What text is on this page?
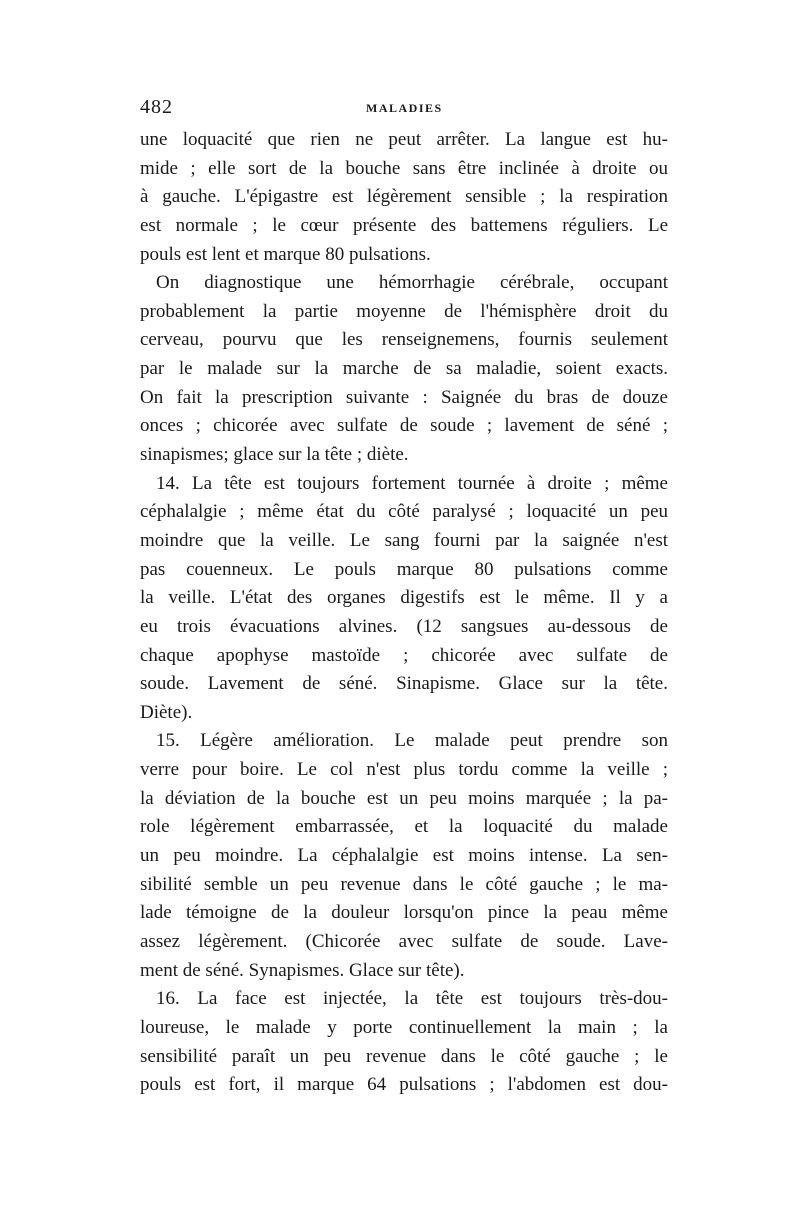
482	MALADIES
une loquacité que rien ne peut arrêter. La langue est hu-
mide ; elle sort de la bouche sans être inclinée à droite ou
à gauche. L'épigastre est légèrement sensible ; la respiration
est normale ; le cœur présente des battemens réguliers. Le
pouls est lent et marque 80 pulsations.
On diagnostique une hémorrhagie cérébrale, occupant
probablement la partie moyenne de l'hémisphère droit du
cerveau, pourvu que les renseignemens, fournis seulement
par le malade sur la marche de sa maladie, soient exacts.
On fait la prescription suivante : Saignée du bras de douze
onces ; chicorée avec sulfate de soude ; lavement de séné ;
sinapismes; glace sur la tête ; diète.
14. La tête est toujours fortement tournée à droite ; même
céphalalgie ; même état du côté paralysé ; loquacité un peu
moindre que la veille. Le sang fourni par la saignée n'est
pas couenneux. Le pouls marque 80 pulsations comme
la veille. L'état des organes digestifs est le même. Il y a
eu trois évacuations alvines. (12 sangsues au-dessous de
chaque apophyse mastoïde ; chicorée avec sulfate de
soude. Lavement de séné. Sinapisme. Glace sur la tête.
Diète).
15. Légère amélioration. Le malade peut prendre son
verre pour boire. Le col n'est plus tordu comme la veille ;
la déviation de la bouche est un peu moins marquée ; la pa-
role légèrement embarrassée, et la loquacité du malade
un peu moindre. La céphalalgie est moins intense. La sen-
sibilité semble un peu revenue dans le côté gauche ; le ma-
lade témoigne de la douleur lorsqu'on pince la peau même
assez légèrement. (Chicorée avec sulfate de soude. Lave-
ment de séné. Synapismes. Glace sur tête).
16. La face est injectée, la tête est toujours très-dou-
loureuse, le malade y porte continuellement la main ; la
sensibilité paraît un peu revenue dans le côté gauche ; le
pouls est fort, il marque 64 pulsations ; l'abdomen est dou-
